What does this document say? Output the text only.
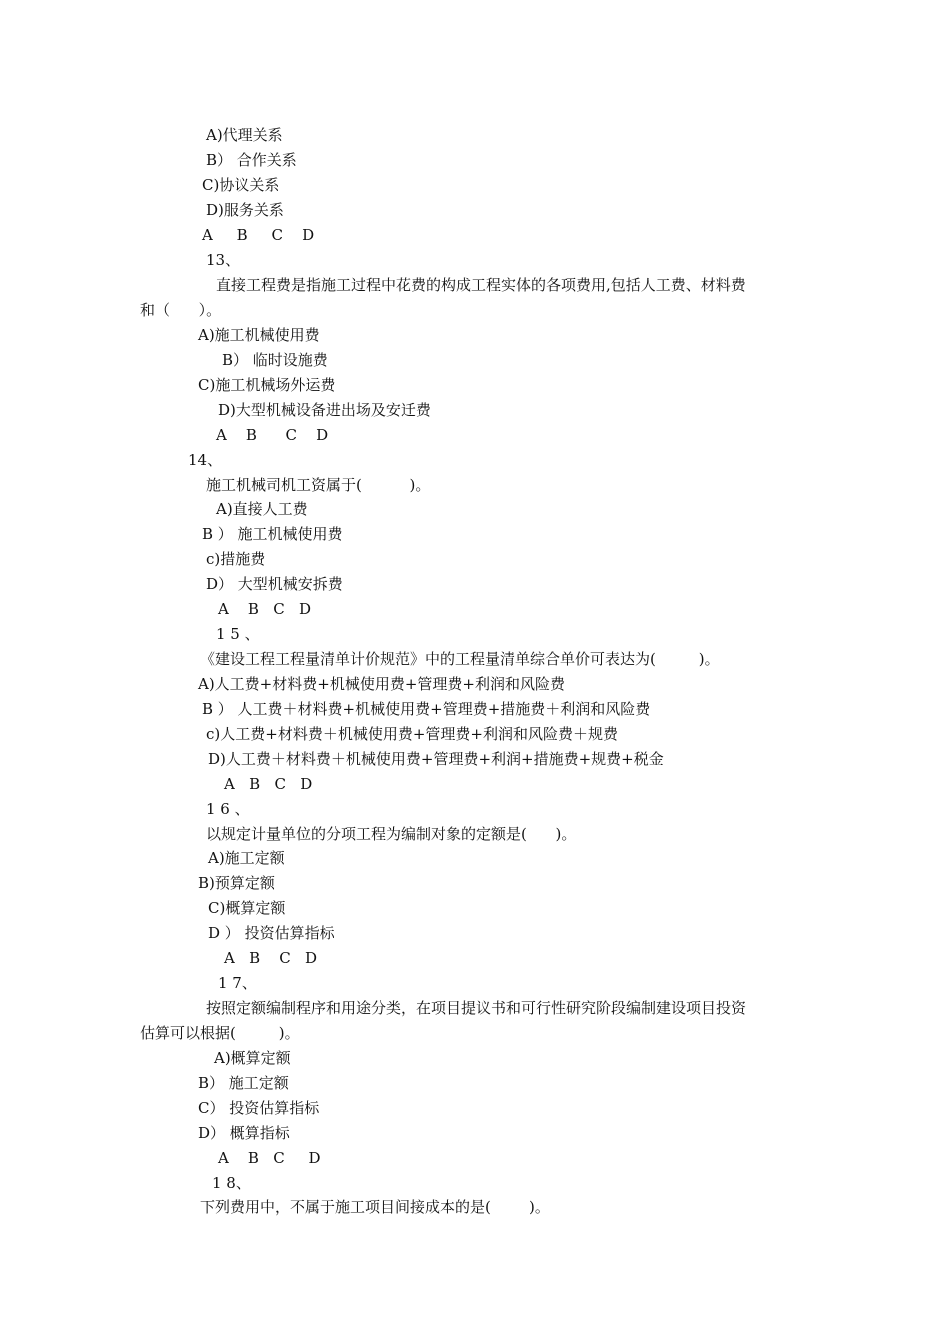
A)代理关系
B） 合作关系
C)协议关系
D)服务关系
A     B     C    D
13、
直接工程费是指施工过程中花费的构成工程实体的各项费用,包括人工费、材料费
和（      ）。
A)施工机械使用费
B） 临时设施费
C)施工机械场外运费
D)大型机械设备进出场及安迁费
A    B      C    D
14、
施工机械司机工资属于(          )。
A)直接人工费
B ） 施工机械使用费
c)措施费
D） 大型机械安拆费
A    B   C   D
1 5 、
《建设工程工程量清单计价规范》中的工程量清单综合单价可表达为(         )。
A)人工费+材料费+机械使用费+管理费+利润和风险费
B ） 人工费＋材料费+机械使用费+管理费+措施费＋利润和风险费
c)人工费+材料费＋机械使用费+管理费+利润和风险费＋规费
D)人工费＋材料费＋机械使用费+管理费+利润+措施费+规费+税金
A   B   C   D
1 6 、
以规定计量单位的分项工程为编制对象的定额是(      )。
A)施工定额
B)预算定额
C)概算定额
D ） 投资估算指标
A   B    C   D
1 7、
按照定额编制程序和用途分类，在项目提议书和可行性研究阶段编制建设项目投资
估算可以根据(         )。
A)概算定额
B） 施工定额
C） 投资估算指标
D） 概算指标
A    B   C     D
1 8、
下列费用中，不属于施工项目间接成本的是(        )。
